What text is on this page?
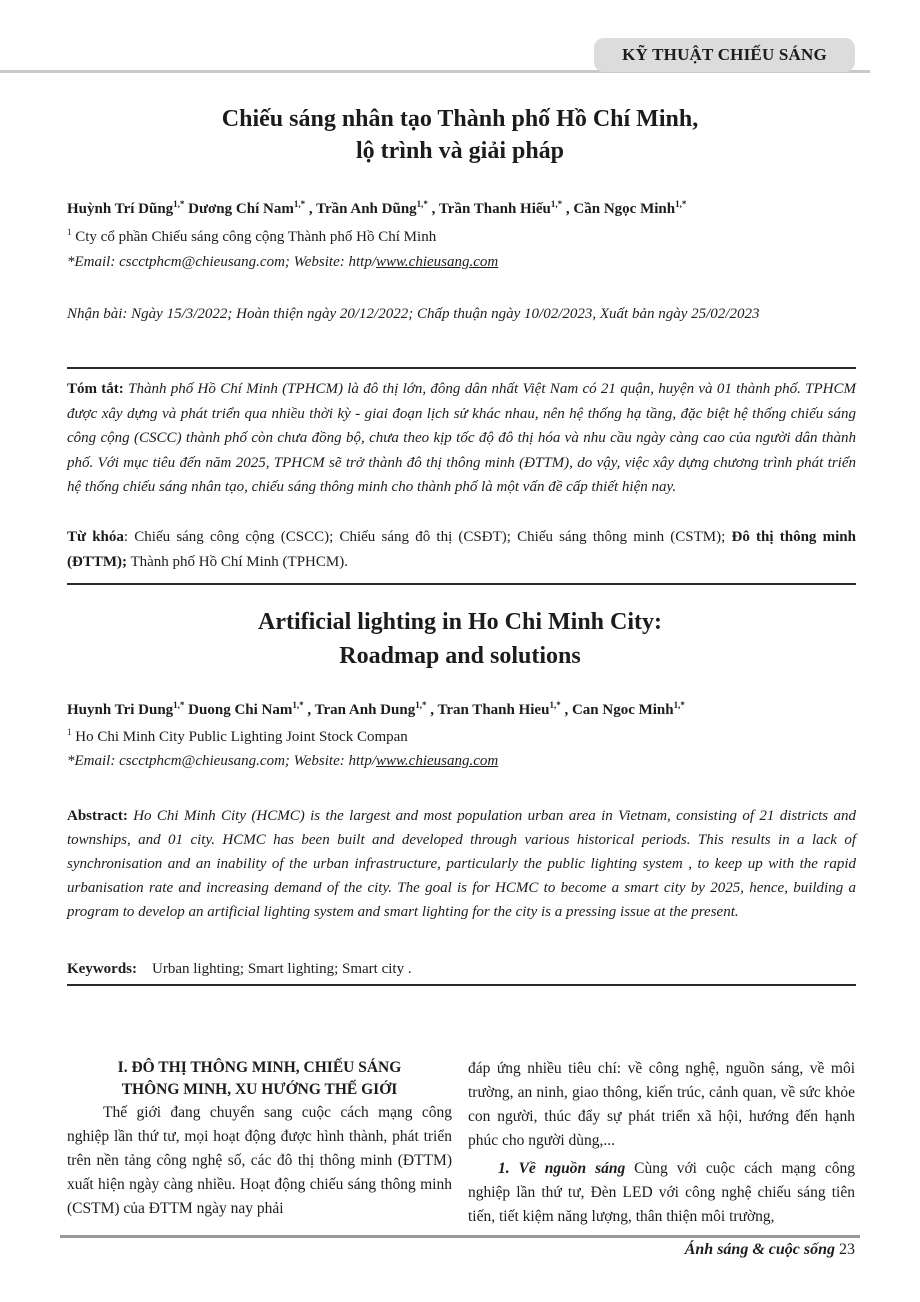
KỸ THUẬT CHIẾU SÁNG
Chiếu sáng nhân tạo Thành phố Hồ Chí Minh,
lộ trình và giải pháp
Huỳnh Trí Dũng$^{1,*}$ Dương Chí Nam$^{1,*}$ , Trần Anh Dũng$^{1,*}$ , Trần Thanh Hiếu$^{1,*}$ , Cần Ngọc Minh$^{1,*}$
$^1$ Cty cổ phần Chiếu sáng công cộng Thành phố Hồ Chí Minh
*Email: cscctphcm@chieusang.com; Website: http/www.chieusang.com
Nhận bài: Ngày 15/3/2022; Hoàn thiện ngày 20/12/2022; Chấp thuận ngày 10/02/2023, Xuất bản ngày 25/02/2023
Tóm tắt: Thành phố Hồ Chí Minh (TPHCM) là đô thị lớn, đông dân nhất Việt Nam có 21 quận, huyện và 01 thành phố. TPHCM được xây dựng và phát triển qua nhiều thời kỳ - giai đoạn lịch sử khác nhau, nên hệ thống hạ tầng, đặc biệt hệ thống chiếu sáng công cộng (CSCC) thành phố còn chưa đồng bộ, chưa theo kịp tốc độ đô thị hóa và nhu cầu ngày càng cao của người dân thành phố. Với mục tiêu đến năm 2025, TPHCM sẽ trở thành đô thị thông minh (ĐTTM), do vậy, việc xây dựng chương trình phát triển hệ thống chiếu sáng nhân tạo, chiếu sáng thông minh cho thành phố là một vấn đề cấp thiết hiện nay.
Từ khóa: Chiếu sáng công cộng (CSCC); Chiếu sáng đô thị (CSĐT); Chiếu sáng thông minh (CSTM); Đô thị thông minh (ĐTTM); Thành phố Hồ Chí Minh (TPHCM).
Artificial lighting in Ho Chi Minh City:
Roadmap and solutions
Huynh Tri Dung$^{1,*}$ Duong Chi Nam$^{1,*}$ , Tran Anh Dung$^{1,*}$ , Tran Thanh Hieu$^{1,*}$ , Can Ngoc Minh$^{1,*}$
$^1$ Ho Chi Minh City Public Lighting Joint Stock Compan
*Email: cscctphcm@chieusang.com; Website: http/www.chieusang.com
Abstract: Ho Chi Minh City (HCMC) is the largest and most population urban area in Vietnam, consisting of 21 districts and townships, and 01 city. HCMC has been built and developed through various historical periods. This results in a lack of synchronisation and an inability of the urban infrastructure, particularly the public lighting system , to keep up with the rapid urbanisation rate and increasing demand of the city. The goal is for HCMC to become a smart city by 2025, hence, building a program to develop an artificial lighting system and smart lighting for the city is a pressing issue at the present.
Keywords: Urban lighting; Smart lighting; Smart city .
I. ĐÔ THỊ THÔNG MINH, CHIẾU SÁNG
THÔNG MINH, XU HƯỚNG THẾ GIỚI
Thế giới đang chuyển sang cuộc cách mạng công nghiệp lần thứ tư, mọi hoạt động được hình thành, phát triển trên nền tảng công nghệ số, các đô thị thông minh (ĐTTM) xuất hiện ngày càng nhiều. Hoạt động chiếu sáng thông minh (CSTM) của ĐTTM ngày nay phải
đáp ứng nhiều tiêu chí: về công nghệ, nguồn sáng, về môi trường, an ninh, giao thông, kiến trúc, cảnh quan, về sức khỏe con người, thúc đẩy sự phát triển xã hội, hướng đến hạnh phúc cho người dùng,...
1. Về nguồn sáng Cùng với cuộc cách mạng công nghiệp lần thứ tư, Đèn LED với công nghệ chiếu sáng tiên tiến, tiết kiệm năng lượng, thân thiện môi trường,
Ánh sáng & cuộc sống 23
